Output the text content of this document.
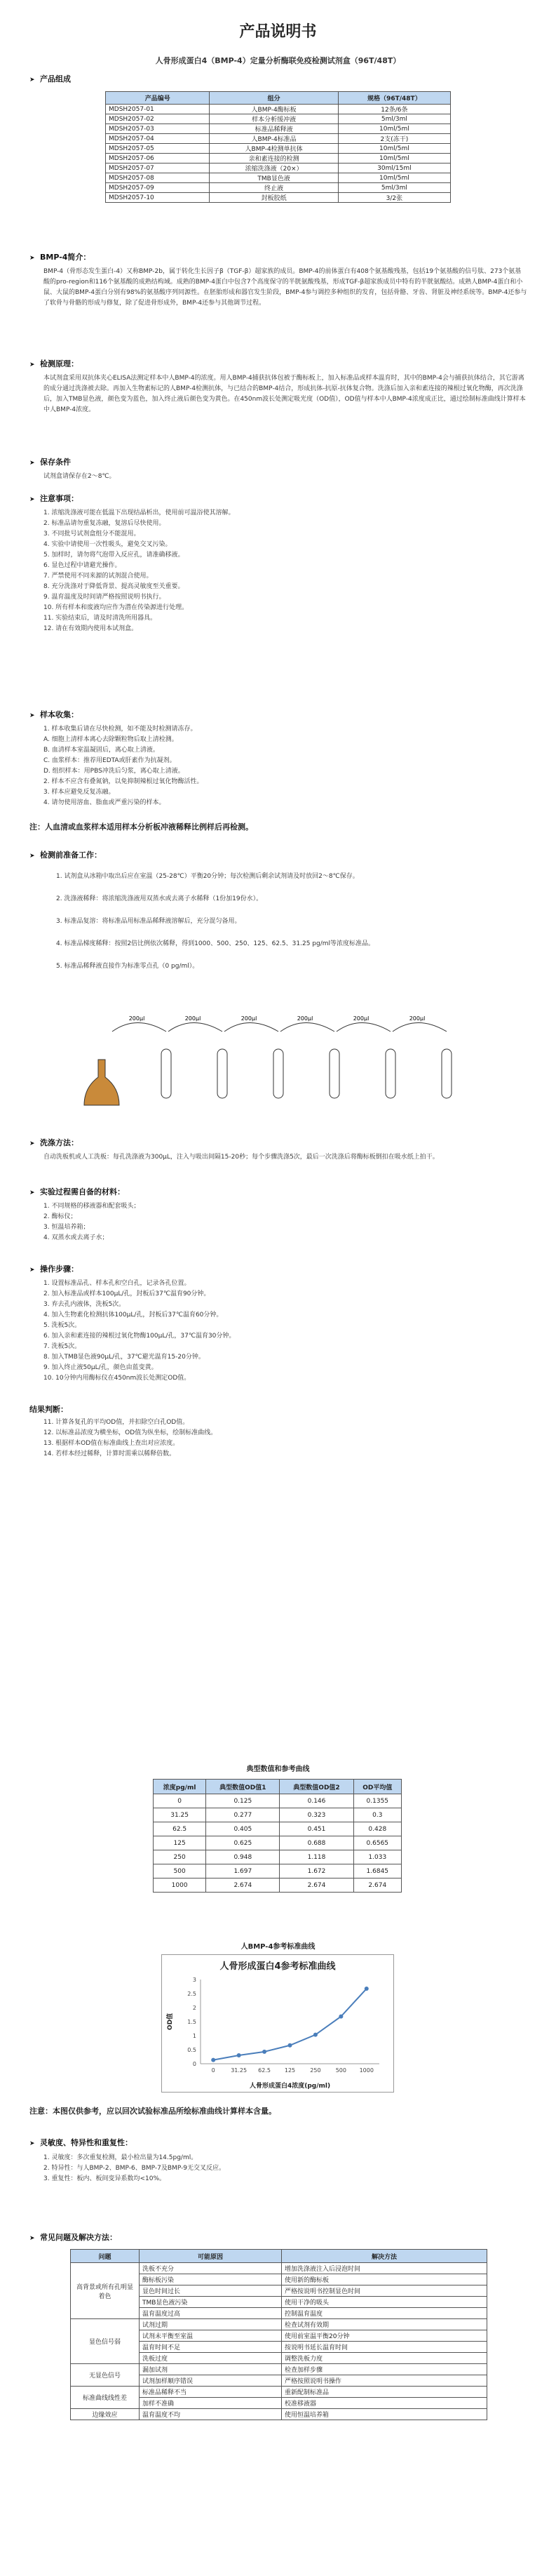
产品说明书
人骨形成蛋白4（BMP-4）定量分析酶联免疫检测试剂盒（96T/48T）
➤ 产品组成
产品编号	组分	规格（96T/48T）
MDSH2057-01	人BMP-4酶标板	12条/6条
MDSH2057-02	样本分析缓冲液	5ml/3ml
MDSH2057-03	标准品稀释液	10ml/5ml
MDSH2057-04	人BMP-4标准品	2支(冻干)
MDSH2057-05	人BMP-4检测单抗体	10ml/5ml
MDSH2057-06	亲和素连接的检测	10ml/5ml
MDSH2057-07	浓缩洗涤液（20×）	30ml/15ml
MDSH2057-08	TMB显色液	10ml/5ml
MDSH2057-09	终止液	5ml/3ml
MDSH2057-10	封板胶纸	3/2张
➤ BMP-4简介：
BMP-4（骨形态发生蛋白-4）又称BMP-2b，属于转化生长因子β（TGF-β）超家族的成员。BMP-4的前体蛋白有408个氨基酸残基，包括19个氨基酸的信号肽、273个氨基酸的pro-region和116个氨基酸的成熟结构域。成熟的BMP-4蛋白中包含7个高度保守的半胱氨酸残基，形成TGF-β超家族成员中特有的半胱氨酸结。成熟人BMP-4蛋白和小鼠、大鼠的BMP-4蛋白分别有98%的氨基酸序列同源性。在胚胎形成和器官发生阶段，BMP-4参与调控多种组织的发育，包括骨骼、牙齿、肾脏及神经系统等。BMP-4还参与了软骨与骨骼的形成与修复，除了促进骨形成外，BMP-4还参与其他调节过程。
➤ 检测原理：
本试剂盒采用双抗体夹心ELISA法测定样本中人BMP-4的浓度。用人BMP-4捕获抗体包被于酶标板上，加入标准品或样本温育时，其中的BMP-4会与捕获抗体结合，其它游离的成分通过洗涤被去除。再加入生物素标记的人BMP-4检测抗体，与已结合的BMP-4结合，形成抗体-抗原-抗体复合物。洗涤后加入亲和素连接的辣根过氧化物酶，再次洗涤后，加入TMB显色液，颜色变为蓝色，加入终止液后颜色变为黄色。在450nm波长处测定吸光度（OD值），OD值与样本中人BMP-4浓度成正比，通过绘制标准曲线计算样本中人BMP-4浓度。
➤ 保存条件
试剂盒请保存在2～8℃。
➤ 注意事项：
1. 浓缩洗涤液可能在低温下出现结晶析出，使用前可温浴使其溶解。
2. 标准品请勿重复冻融，复溶后尽快使用。
3. 不同批号试剂盒组分不能混用。
4. 实验中请使用一次性吸头，避免交叉污染。
5. 加样时，请勿将气泡带入反应孔，请准确移液。
6. 显色过程中请避光操作。
7. 严禁使用不同来源的试剂混合使用。
8. 充分洗涤对于降低背景、提高灵敏度至关重要。
9. 温育温度及时间请严格按照说明书执行。
10. 所有样本和废液均应作为潜在传染源进行处理。
11. 实验结束后，请及时清洗所用器具。
12. 请在有效期内使用本试剂盒。
➤ 样本收集：
1. 样本收集后请在尽快检测，如不能及时检测请冻存。
A. 细胞上清样本离心去除颗粒物后取上清检测。
B. 血清样本室温凝固后，离心取上清液。
C. 血浆样本：推荐用EDTA或肝素作为抗凝剂。
D. 组织样本：用PBS冲洗后匀浆，离心取上清液。
2. 样本不应含有叠氮钠，以免抑制辣根过氧化物酶活性。
3. 样本应避免反复冻融。
4. 请勿使用溶血、脂血或严重污染的样本。
注：人血清或血浆样本适用样本分析板冲液稀释比例样后再检测。
➤ 检测前准备工作：
1. 试剂盒从冰箱中取出后应在室温（25-28℃）平衡20分钟；每次检测后剩余试剂请及时放回2～8℃保存。
2. 洗涤液稀释：将浓缩洗涤液用双蒸水或去离子水稀释（1份加19份水）。
3. 标准品复溶：将标准品用标准品稀释液溶解后，充分混匀备用。
4. 标准品梯度稀释：按照2倍比例依次稀释，得到1000、500、250、125、62.5、31.25 pg/ml等浓度标准品。
5. 标准品稀释液直接作为标准零点孔（0 pg/ml）。
200μl	200μl	200μl	200μl	200μl	200μl
➤ 洗涤方法：
自动洗板机或人工洗板：每孔洗涤液为300μL，注入与吸出间隔15-20秒；每个步骤洗涤5次，最后一次洗涤后将酶标板倒扣在吸水纸上拍干。
➤ 实验过程需自备的材料：
1. 不同规格的移液器和配套吸头；
2. 酶标仪；
3. 恒温培养箱；
4. 双蒸水或去离子水；
➤ 操作步骤：
1. 设置标准品孔、样本孔和空白孔，记录各孔位置。
2. 加入标准品或样本100μL/孔，封板后37℃温育90分钟。
3. 弃去孔内液体，洗板5次。
4. 加入生物素化检测抗体100μL/孔，封板后37℃温育60分钟。
5. 洗板5次。
6. 加入亲和素连接的辣根过氧化物酶100μL/孔，37℃温育30分钟。
7. 洗板5次。
8. 加入TMB显色液90μL/孔，37℃避光温育15-20分钟。
9. 加入终止液50μL/孔，颜色由蓝变黄。
10. 10分钟内用酶标仪在450nm波长处测定OD值。
结果判断：
11. 计算各复孔的平均OD值，并扣除空白孔OD值。
12. 以标准品浓度为横坐标，OD值为纵坐标，绘制标准曲线。
13. 根据样本OD值在标准曲线上查出对应浓度。
14. 若样本经过稀释，计算时需乘以稀释倍数。
典型数值和参考曲线
浓度pg/ml	典型数值OD值1	典型数值OD值2	OD平均值
0	0.125	0.146	0.1355
31.25	0.277	0.323	0.3
62.5	0.405	0.451	0.428
125	0.625	0.688	0.6565
250	0.948	1.118	1.033
500	1.697	1.672	1.6845
1000	2.674	2.674	2.674
人BMP-4参考标准曲线
人骨形成蛋白4参考标准曲线
0
0.5
1
1.5
2
2.5
3
0	31.25 62.5 125	250	500 1000
人骨形成蛋白4浓度(pg/ml)
OD值
注意：本图仅供参考，应以回次试验标准品所绘标准曲线计算样本含量。
➤ 灵敏度、特异性和重复性：
1. 灵敏度：多次重复检测，最小检出量为14.5pg/ml。
2. 特异性：与人BMP-2、BMP-6、BMP-7及BMP-9无交叉反应。
3. 重复性：板内、板间变异系数均<10%。
➤ 常见问题及解决方法：
问题	可能原因	解决方法
高背景或所有孔明显着色	洗板不充分	增加洗涤液注入后浸泡时间
	酶标板污染	使用新的酶标板
	显色时间过长	严格按说明书控制显色时间
	TMB显色液污染	使用干净的吸头
	温育温度过高	控制温育温度
显色信号弱	试剂过期	检查试剂有效期
	试剂未平衡至室温	使用前室温平衡20分钟
	温育时间不足	按说明书延长温育时间
	洗板过度	调整洗板力度
无显色信号	漏加试剂	检查加样步骤
	试剂加样顺序错误	严格按照说明书操作
标准曲线线性差	标准品稀释不当	重新配制标准品
	加样不准确	校准移液器
边缘效应	温育温度不均	使用恒温培养箱
